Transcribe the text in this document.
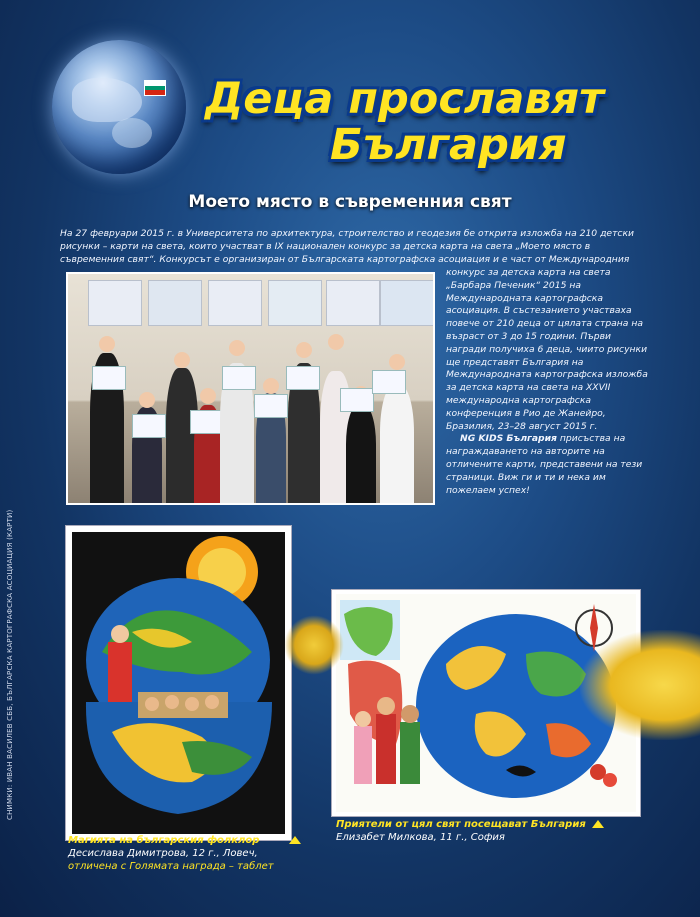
Деца прославят
България
Моето място в съвременния свят
На 27 февруари 2015 г. в Университета по архитектура, строителство и геодезия бе открита изложба на 210 детски рисунки – карти на света, които участват в IX национален конкурс за детска карта на света „Моето място в съвременния свят“. Конкурсът е организиран от Българската картографска асоциация и е част от Международния
конкурс за детска карта на света „Барбара Печеник“ 2015 на Международната картографска асоциация. В състезанието участваха повече от 210 деца от цялата страна на възраст от 3 до 15 години. Първи награди получиха 6 деца, чиито рисунки ще представят България на Международната картографска изложба за детска карта на света на XXVII международна картографска конференция в Рио де Жанейро, Бразилия, 23–28 август 2015 г.
NG KIDS България присъства на награждаването на авторите на отличените карти, представени на тези страници. Виж ги и ти и нека им пожелаем успех!
Магията на българския фолклор
Десислава Димитрова, 12 г., Ловеч,
отличена с Голямата награда – таблет
Приятели от цял свят посещават България
Елизабет Милкова, 11 г., София
СНИМКИ: ИВАН ВАСИЛЕВ СББ, БЪЛГАРСКА КАРТОГРАФСКА АСОЦИАЦИЯ (КАРТИ)
